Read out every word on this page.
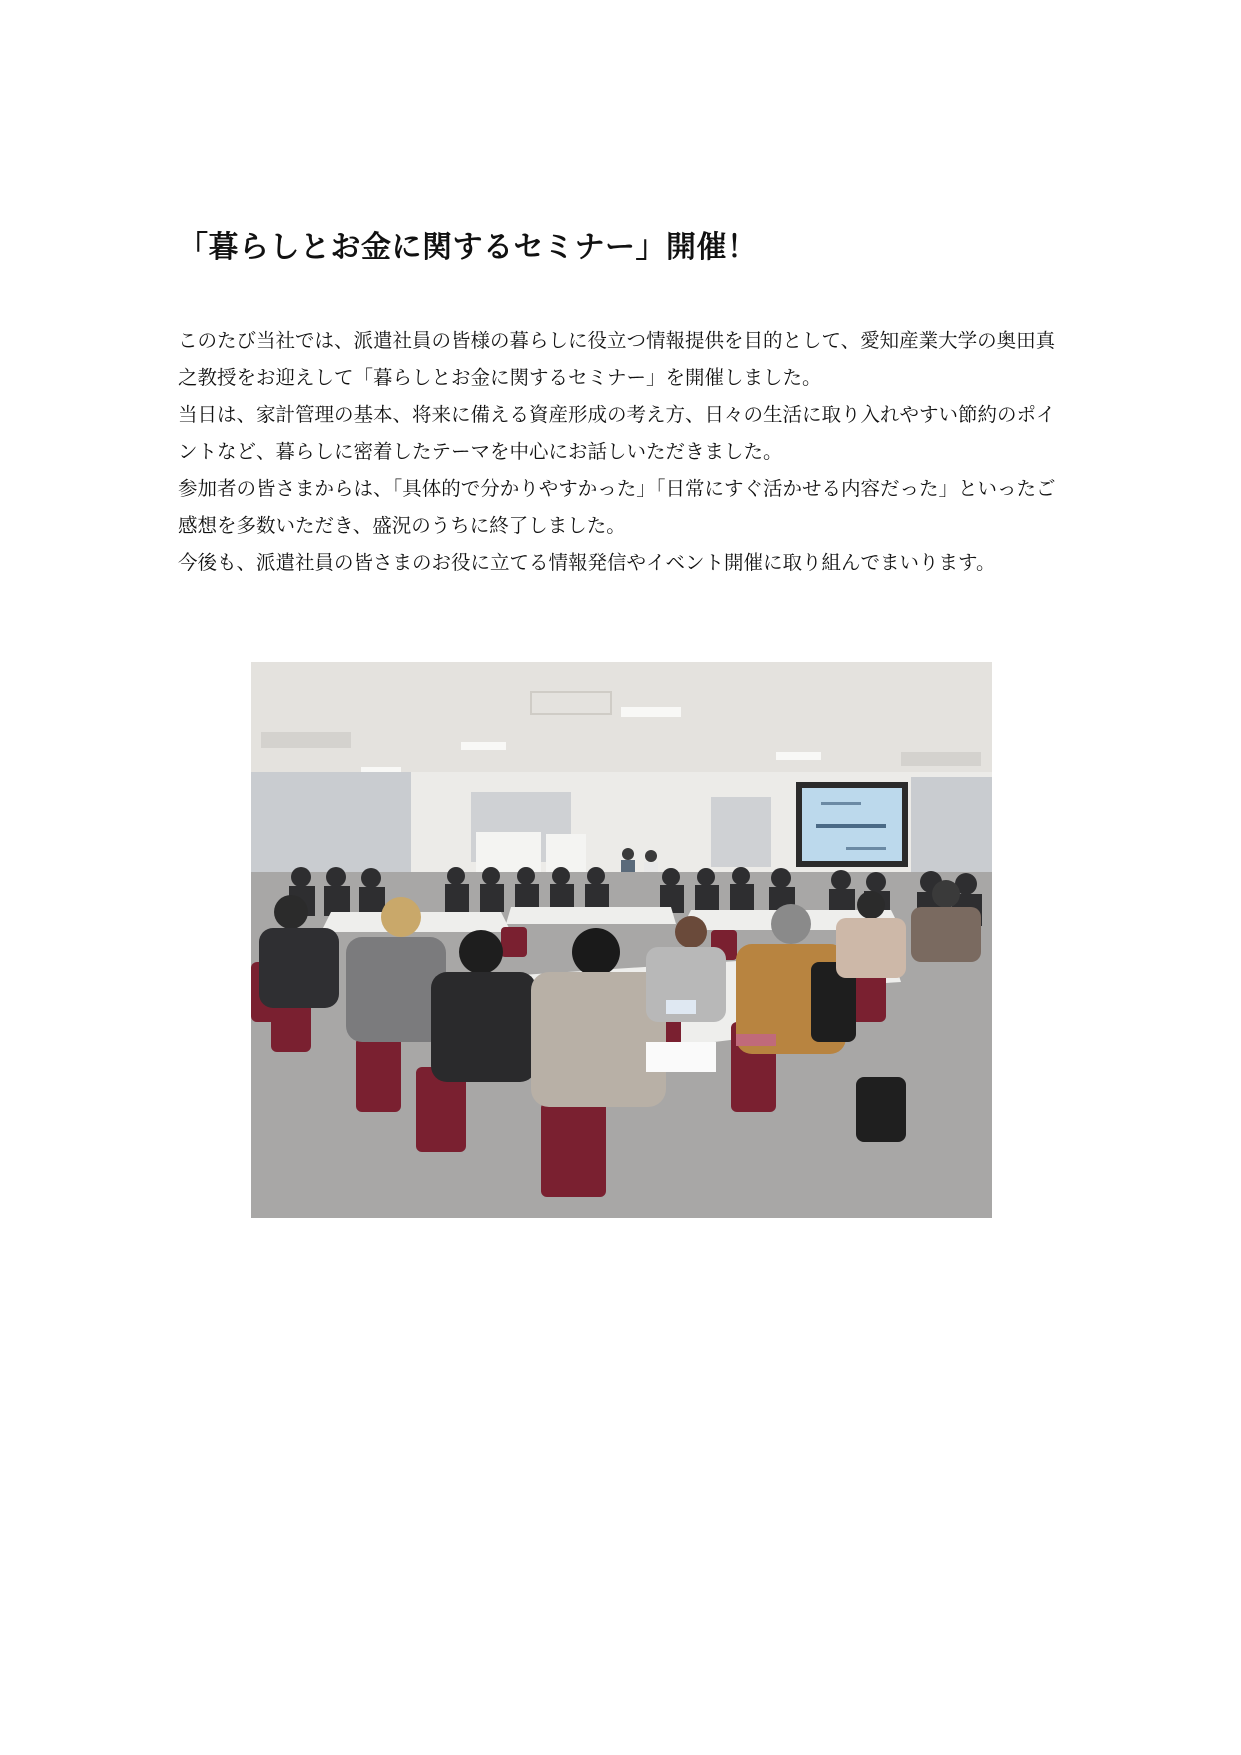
「暮らしとお金に関するセミナー」開催！

このたび当社では、派遣社員の皆様の暮らしに役立つ情報提供を目的として、愛知産業大学の奥田真之教授をお迎えして「暮らしとお金に関するセミナー」を開催しました。

当日は、家計管理の基本、将来に備える資産形成の考え方、日々の生活に取り入れやすい節約のポイントなど、暮らしに密着したテーマを中心にお話しいただきました。

参加者の皆さまからは、「具体的で分かりやすかった」「日常にすぐ活かせる内容だった」といったご感想を多数いただき、盛況のうちに終了しました。

今後も、派遣社員の皆さまのお役に立てる情報発信やイベント開催に取り組んでまいります。
